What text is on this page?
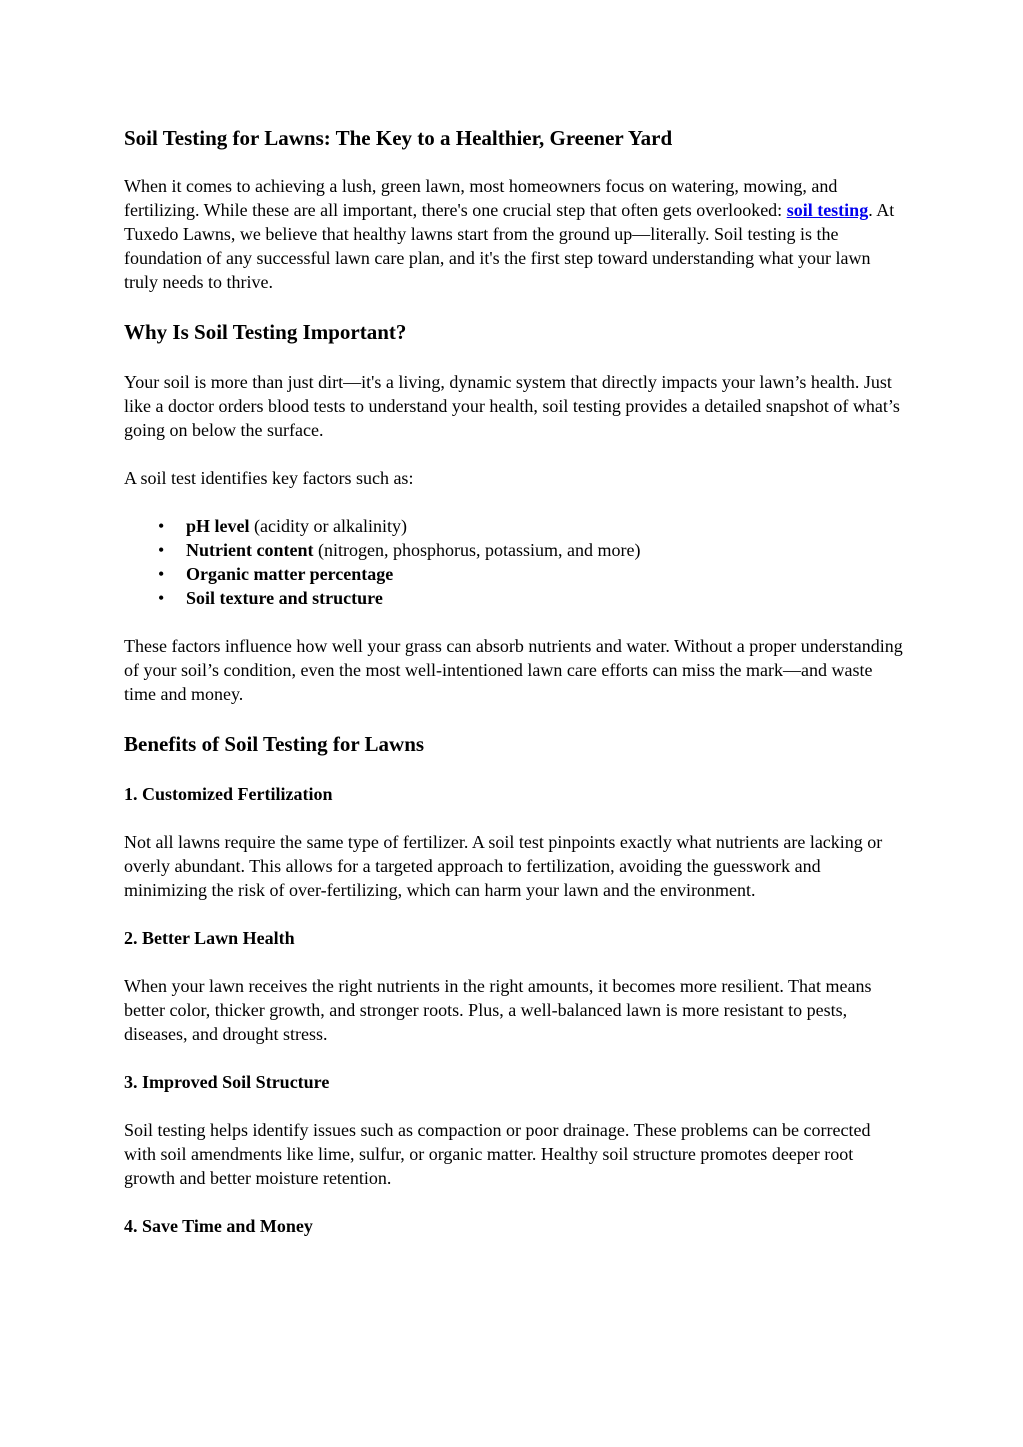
Soil Testing for Lawns: The Key to a Healthier, Greener Yard

When it comes to achieving a lush, green lawn, most homeowners focus on watering, mowing, and fertilizing. While these are all important, there's one crucial step that often gets overlooked: soil testing. At Tuxedo Lawns, we believe that healthy lawns start from the ground up—literally. Soil testing is the foundation of any successful lawn care plan, and it's the first step toward understanding what your lawn truly needs to thrive.

Why Is Soil Testing Important?

Your soil is more than just dirt—it's a living, dynamic system that directly impacts your lawn’s health. Just like a doctor orders blood tests to understand your health, soil testing provides a detailed snapshot of what’s going on below the surface.

A soil test identifies key factors such as:

• pH level (acidity or alkalinity)
• Nutrient content (nitrogen, phosphorus, potassium, and more)
• Organic matter percentage
• Soil texture and structure

These factors influence how well your grass can absorb nutrients and water. Without a proper understanding of your soil’s condition, even the most well-intentioned lawn care efforts can miss the mark—and waste time and money.

Benefits of Soil Testing for Lawns
1. Customized Fertilization

Not all lawns require the same type of fertilizer. A soil test pinpoints exactly what nutrients are lacking or overly abundant. This allows for a targeted approach to fertilization, avoiding the guesswork and minimizing the risk of over-fertilizing, which can harm your lawn and the environment.

2. Better Lawn Health

When your lawn receives the right nutrients in the right amounts, it becomes more resilient. That means better color, thicker growth, and stronger roots. Plus, a well-balanced lawn is more resistant to pests, diseases, and drought stress.

3. Improved Soil Structure

Soil testing helps identify issues such as compaction or poor drainage. These problems can be corrected with soil amendments like lime, sulfur, or organic matter. Healthy soil structure promotes deeper root growth and better moisture retention.

4. Save Time and Money
